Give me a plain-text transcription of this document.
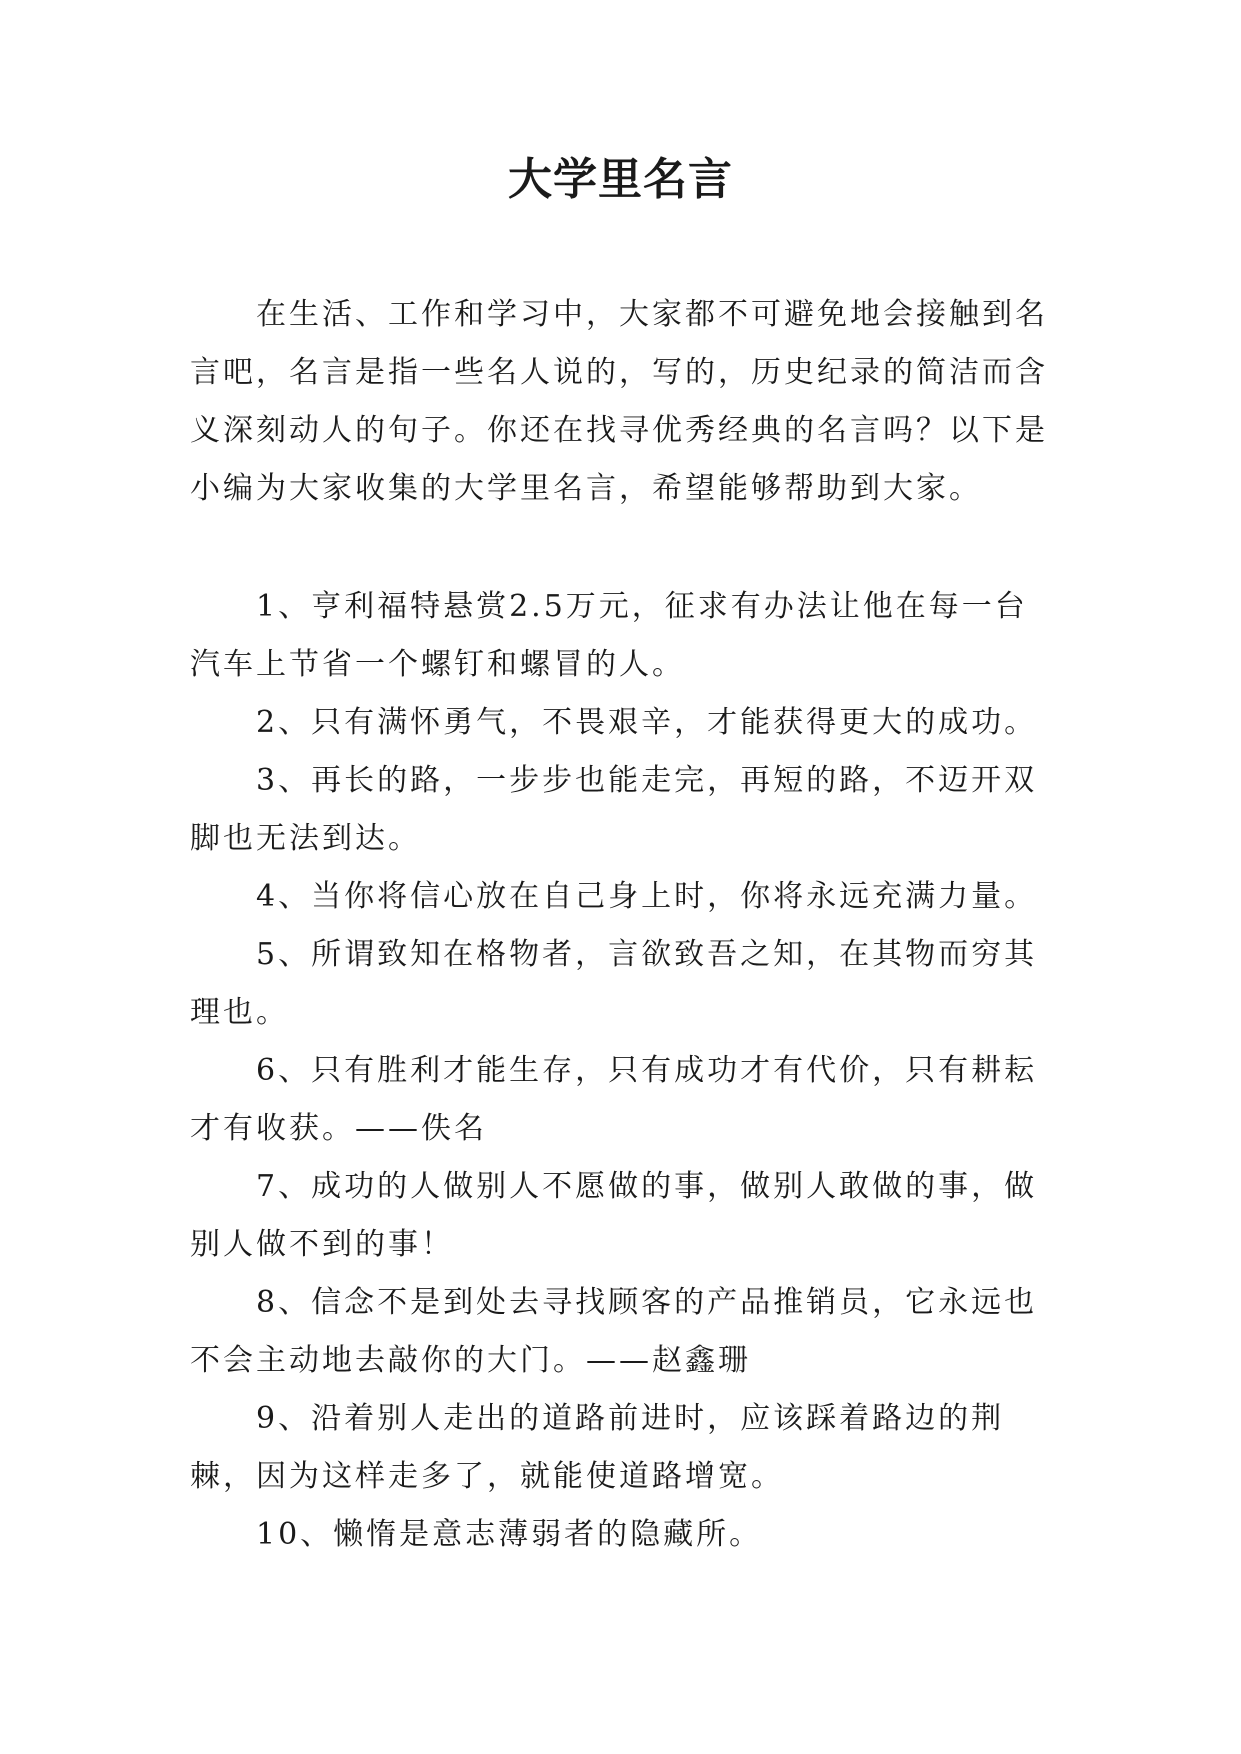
大学里名言

在生活、工作和学习中，大家都不可避免地会接触到名言吧，名言是指一些名人说的，写的，历史纪录的简洁而含义深刻动人的句子。你还在找寻优秀经典的名言吗？以下是小编为大家收集的大学里名言，希望能够帮助到大家。

1、亨利福特悬赏2.5万元，征求有办法让他在每一台汽车上节省一个螺钉和螺冒的人。

2、只有满怀勇气，不畏艰辛，才能获得更大的成功。

3、再长的路，一步步也能走完，再短的路，不迈开双脚也无法到达。

4、当你将信心放在自己身上时，你将永远充满力量。

5、所谓致知在格物者，言欲致吾之知，在其物而穷其理也。

6、只有胜利才能生存，只有成功才有代价，只有耕耘才有收获。——佚名

7、成功的人做别人不愿做的事，做别人敢做的事，做别人做不到的事！

8、信念不是到处去寻找顾客的产品推销员，它永远也不会主动地去敲你的大门。——赵鑫珊

9、沿着别人走出的道路前进时，应该踩着路边的荆棘，因为这样走多了，就能使道路增宽。

10、懒惰是意志薄弱者的隐藏所。
